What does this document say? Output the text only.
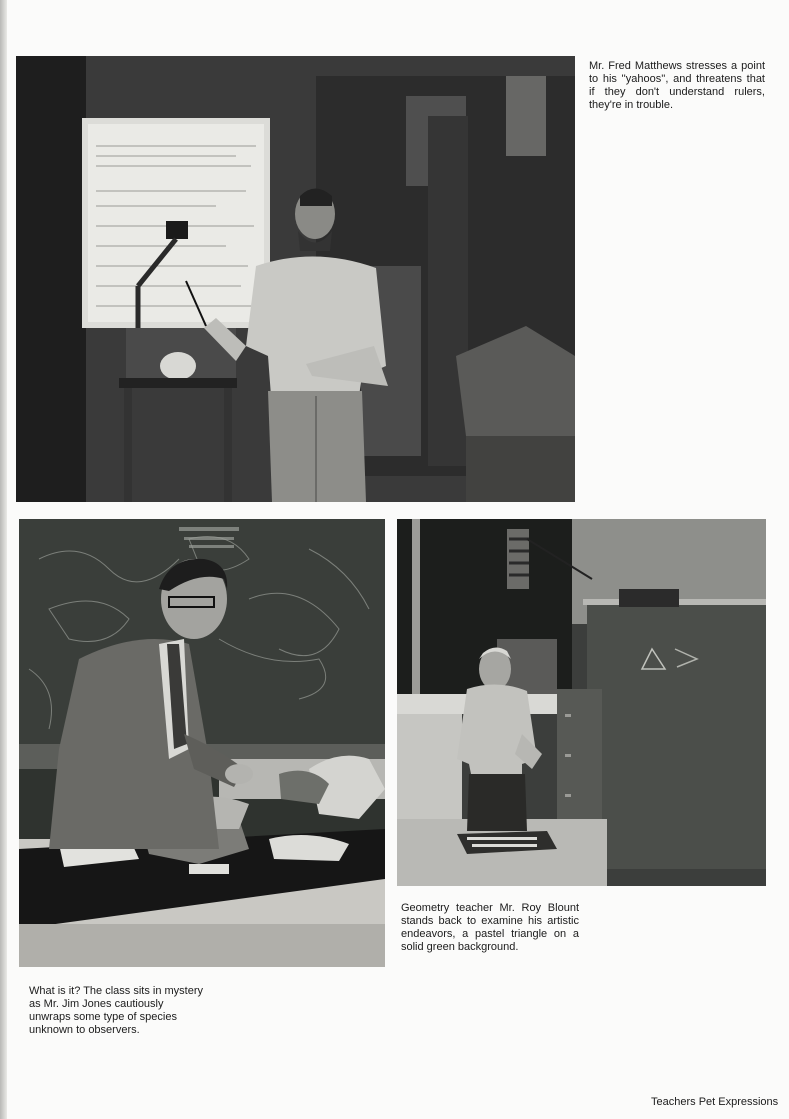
Mr. Fred Matthews stresses a point to his ''yahoos'', and threatens that if they don't understand rulers, they're in trouble.

What is it? The class sits in mystery as Mr. Jim Jones cautiously unwraps some type of species unknown to observers.

Geometry teacher Mr. Roy Blount stands back to examine his artistic endeavors, a pastel triangle on a solid green background.

Teachers Pet Expressions
